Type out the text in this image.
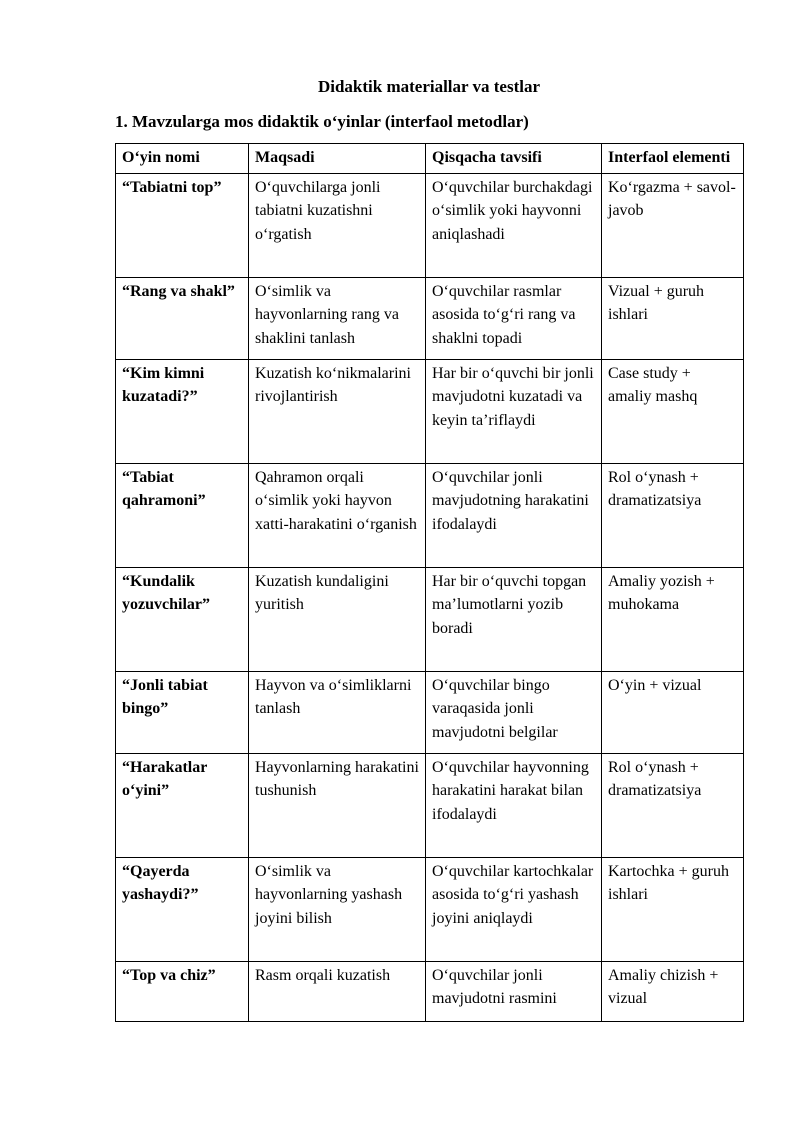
Didaktik materiallar va testlar
1. Mavzularga mos didaktik o‘yinlar (interfaol metodlar)
O‘yin nomi	Maqsadi	Qisqacha tavsifi	Interfaol elementi
“Tabiatni top”	O‘quvchilarga jonli tabiatni kuzatishni o‘rgatish	O‘quvchilar burchakdagi o‘simlik yoki hayvonni aniqlashadi	Ko‘rgazma + savol-javob
“Rang va shakl”	O‘simlik va hayvonlarning rang va shaklini tanlash	O‘quvchilar rasmlar asosida to‘g‘ri rang va shaklni topadi	Vizual + guruh ishlari
“Kim kimni kuzatadi?”	Kuzatish ko‘nikmalarini rivojlantirish	Har bir o‘quvchi bir jonli mavjudotni kuzatadi va keyin ta’riflaydi	Case study + amaliy mashq
“Tabiat qahramoni”	Qahramon orqali o‘simlik yoki hayvon xatti-harakatini o‘rganish	O‘quvchilar jonli mavjudotning harakatini ifodalaydi	Rol o‘ynash + dramatizatsiya
“Kundalik yozuvchilar”	Kuzatish kundaligini yuritish	Har bir o‘quvchi topgan ma’lumotlarni yozib boradi	Amaliy yozish + muhokama
“Jonli tabiat bingo”	Hayvon va o‘simliklarni tanlash	O‘quvchilar bingo varaqasida jonli mavjudotni belgilar	O‘yin + vizual
“Harakatlar o‘yini”	Hayvonlarning harakatini tushunish	O‘quvchilar hayvonning harakatini harakat bilan ifodalaydi	Rol o‘ynash + dramatizatsiya
“Qayerda yashaydi?”	O‘simlik va hayvonlarning yashash joyini bilish	O‘quvchilar kartochkalar asosida to‘g‘ri yashash joyini aniqlaydi	Kartochka + guruh ishlari
“Top va chiz”	Rasm orqali kuzatish	O‘quvchilar jonli mavjudotni rasmini	Amaliy chizish + vizual
